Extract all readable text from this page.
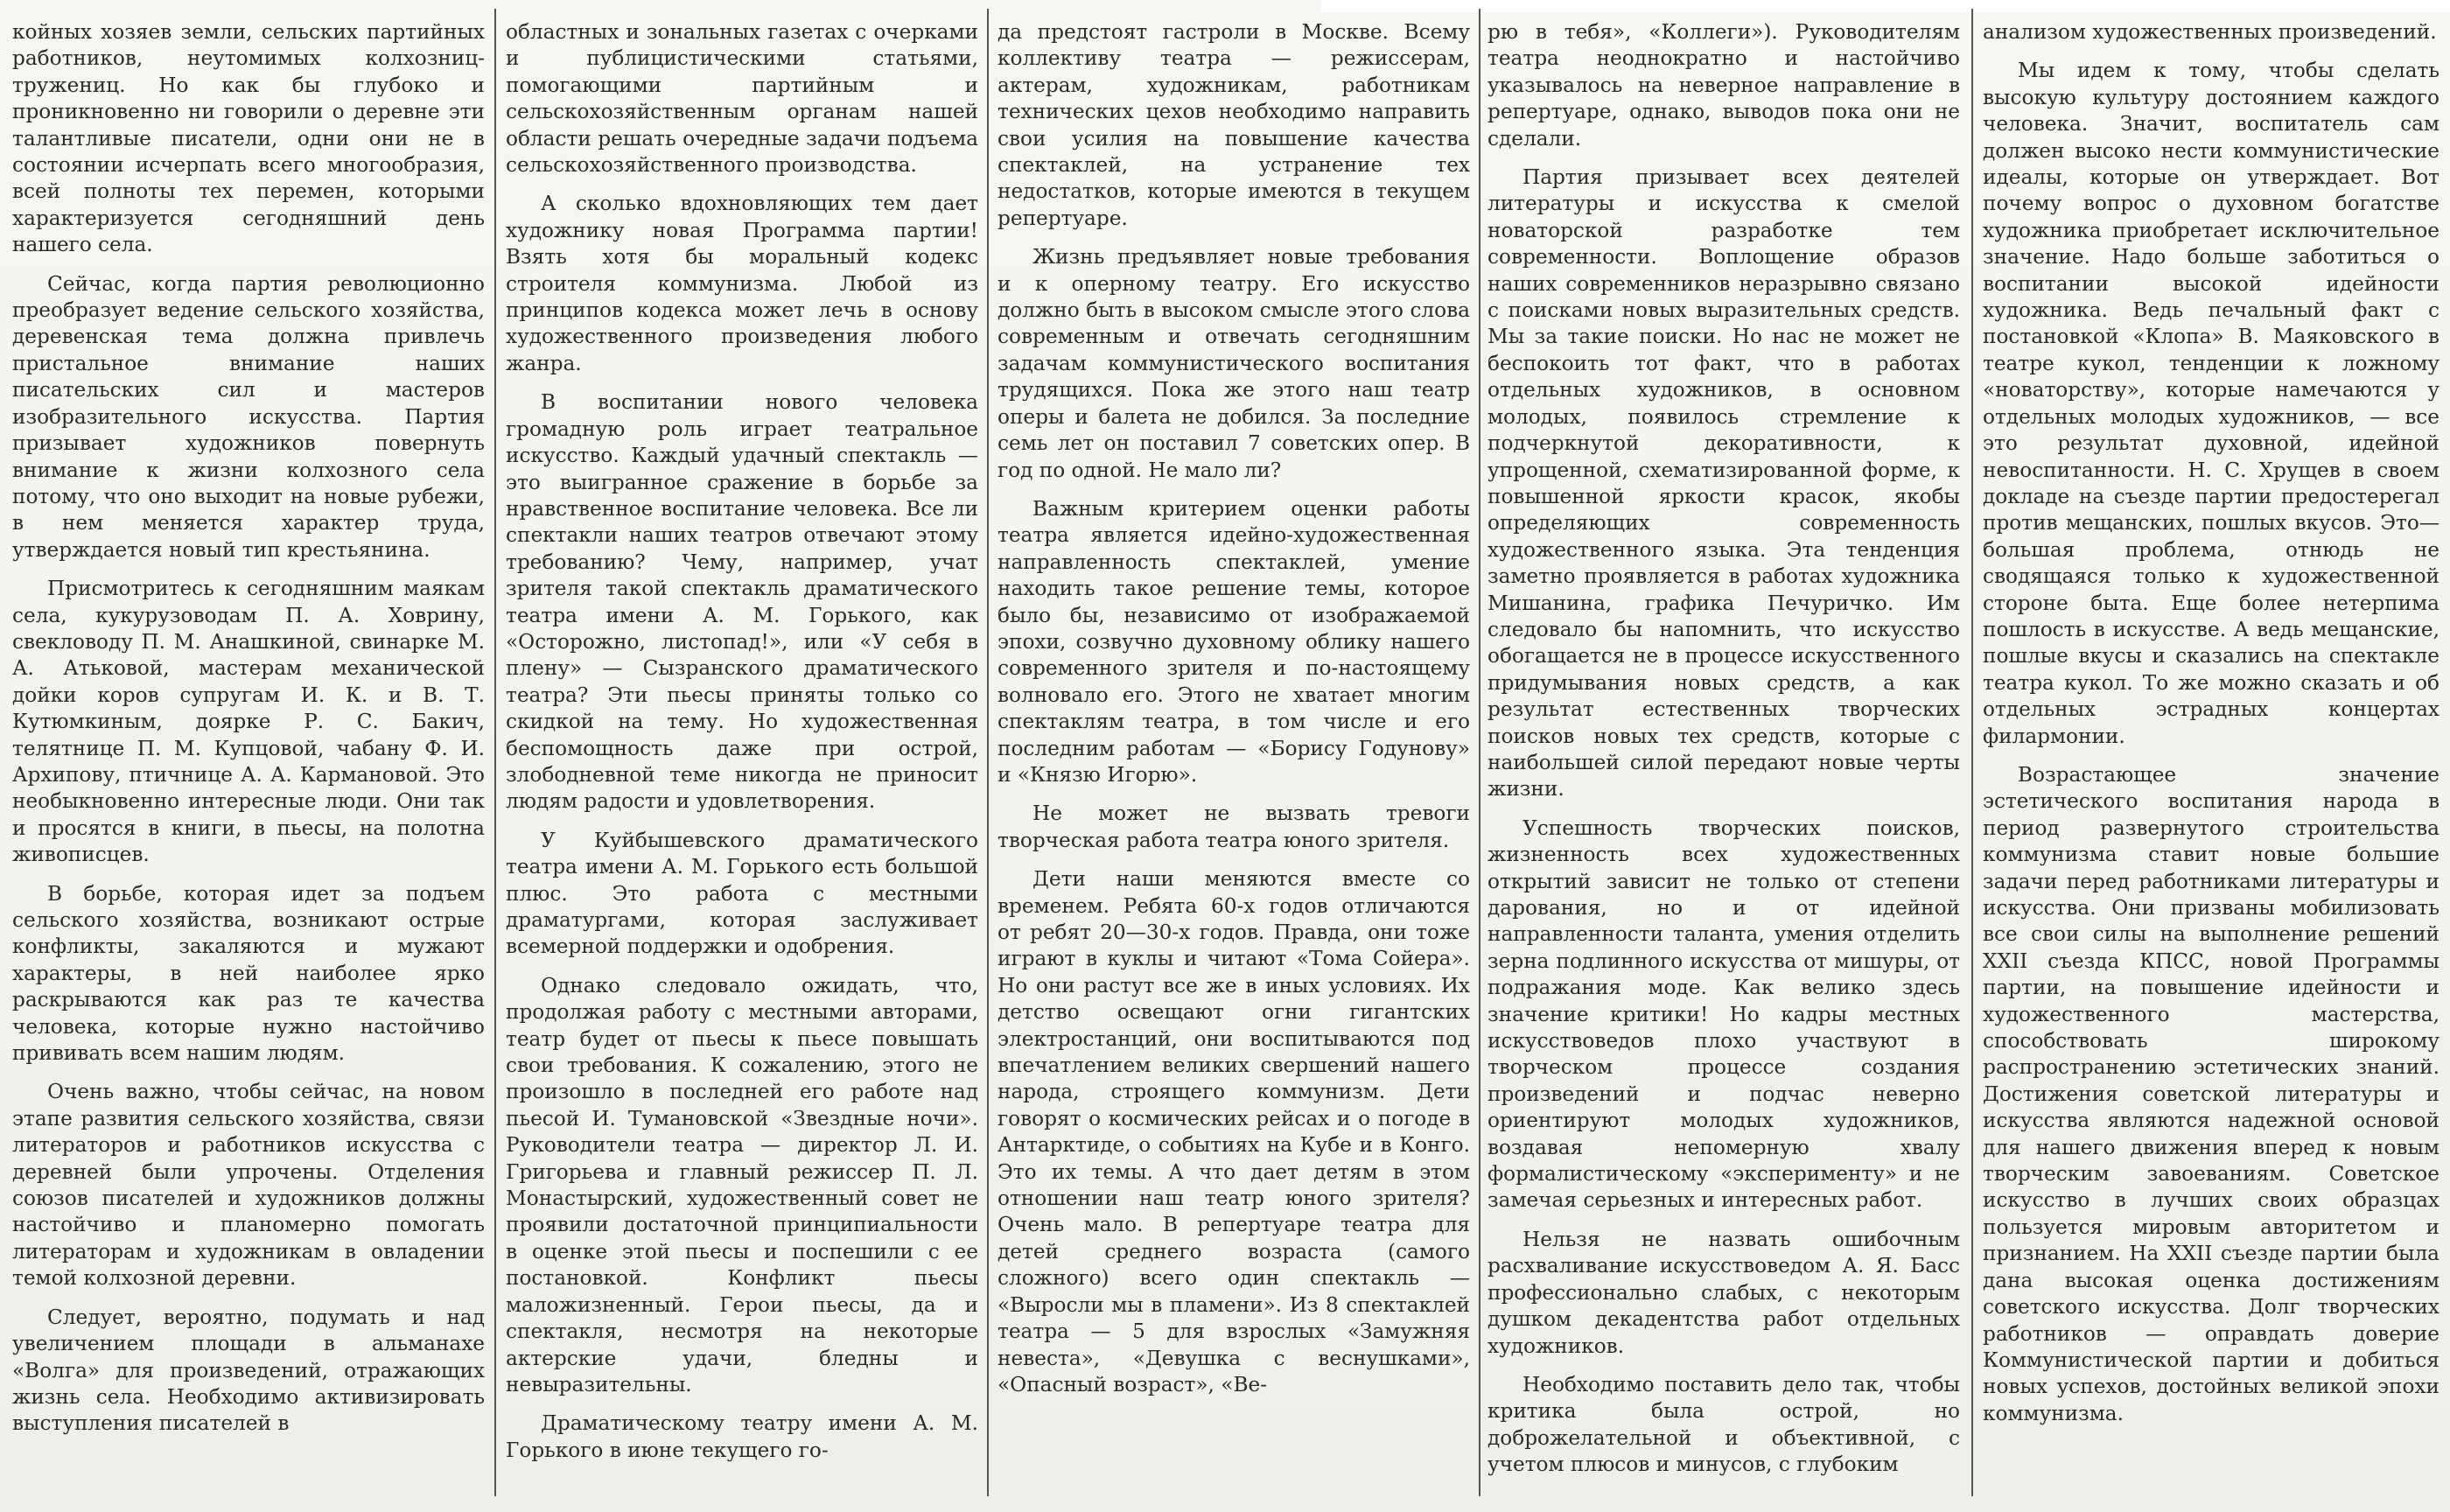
койных хозяев земли, сельских партийных работников, неутомимых колхозниц-тружениц. Но как бы глубоко и проникновенно ни говорили о деревне эти талантливые писатели, одни они не в состоянии исчерпать всего многообразия, всей полноты тех перемен, которыми характеризуется сегодняшний день нашего села.

Сейчас, когда партия революционно преобразует ведение сельского хозяйства, деревенская тема должна привлечь пристальное внимание наших писательских сил и мастеров изобразительного искусства. Партия призывает художников повернуть внимание к жизни колхозного села потому, что оно выходит на новые рубежи, в нем меняется характер труда, утверждается новый тип крестьянина.

Присмотритесь к сегодняшним маякам села, кукурузоводам П. А. Ховрину, свекловоду П. М. Анашкиной, свинарке М. А. Атьковой, мастерам механической дойки коров супругам И. К. и В. Т. Кутюмкиным, доярке Р. С. Бакич, телятнице П. М. Купцовой, чабану Ф. И. Архипову, птичнице А. А. Кармановой. Это необыкновенно интересные люди. Они так и просятся в книги, в пьесы, на полотна живописцев.

В борьбе, которая идет за подъем сельского хозяйства, возникают острые конфликты, закаляются и мужают характеры, в ней наиболее ярко раскрываются как раз те качества человека, которые нужно настойчиво прививать всем нашим людям.

Очень важно, чтобы сейчас, на новом этапе развития сельского хозяйства, связи литераторов и работников искусства с деревней были упрочены. Отделения союзов писателей и художников должны настойчиво и планомерно помогать литераторам и художникам в овладении темой колхозной деревни.

Следует, вероятно, подумать и над увеличением площади в альманахе «Волга» для произведений, отражающих жизнь села. Необходимо активизировать выступления писателей в

областных и зональных газетах с очерками и публицистическими статьями, помогающими партийным и сельскохозяйственным органам нашей области решать очередные задачи подъема сельскохозяйственного производства.

А сколько вдохновляющих тем дает художнику новая Программа партии! Взять хотя бы моральный кодекс строителя коммунизма. Любой из принципов кодекса может лечь в основу художественного произведения любого жанра.

В воспитании нового человека громадную роль играет театральное искусство. Каждый удачный спектакль — это выигранное сражение в борьбе за нравственное воспитание человека. Все ли спектакли наших театров отвечают этому требованию? Чему, например, учат зрителя такой спектакль драматического театра имени А. М. Горького, как «Осторожно, листопад!», или «У себя в плену» — Сызранского драматического театра? Эти пьесы приняты только со скидкой на тему. Но художественная беспомощность даже при острой, злободневной теме никогда не приносит людям радости и удовлетворения.

У Куйбышевского драматического театра имени А. М. Горького есть большой плюс. Это работа с местными драматургами, которая заслуживает всемерной поддержки и одобрения.

Однако следовало ожидать, что, продолжая работу с местными авторами, театр будет от пьесы к пьесе повышать свои требования. К сожалению, этого не произошло в последней его работе над пьесой И. Тумановской «Звездные ночи». Руководители театра — директор Л. И. Григорьева и главный режиссер П. Л. Монастырский, художественный совет не проявили достаточной принципиальности в оценке этой пьесы и поспешили с ее постановкой. Конфликт пьесы маложизненный. Герои пьесы, да и спектакля, несмотря на некоторые актерские удачи, бледны и невыразительны.

Драматическому театру имени А. М. Горького в июне текущего го-

да предстоят гастроли в Москве. Всему коллективу театра — режиссерам, актерам, художникам, работникам технических цехов необходимо направить свои усилия на повышение качества спектаклей, на устранение тех недостатков, которые имеются в текущем репертуаре.

Жизнь предъявляет новые требования и к оперному театру. Его искусство должно быть в высоком смысле этого слова современным и отвечать сегодняшним задачам коммунистического воспитания трудящихся. Пока же этого наш театр оперы и балета не добился. За последние семь лет он поставил 7 советских опер. В год по одной. Не мало ли?

Важным критерием оценки работы театра является идейно-художественная направленность спектаклей, умение находить такое решение темы, которое было бы, независимо от изображаемой эпохи, созвучно духовному облику нашего современного зрителя и по-настоящему волновало его. Этого не хватает многим спектаклям театра, в том числе и его последним работам — «Борису Годунову» и «Князю Игорю».

Не может не вызвать тревоги творческая работа театра юного зрителя.

Дети наши меняются вместе со временем. Ребята 60-х годов отличаются от ребят 20—30-х годов. Правда, они тоже играют в куклы и читают «Тома Сойера». Но они растут все же в иных условиях. Их детство освещают огни гигантских электростанций, они воспитываются под впечатлением великих свершений нашего народа, строящего коммунизм. Дети говорят о космических рейсах и о погоде в Антарктиде, о событиях на Кубе и в Конго. Это их темы. А что дает детям в этом отношении наш театр юного зрителя? Очень мало. В репертуаре театра для детей среднего возраста (самого сложного) всего один спектакль — «Выросли мы в пламени». Из 8 спектаклей театра — 5 для взрослых «Замужняя невеста», «Девушка с веснушками», «Опасный возраст», «Ве-

рю в тебя», «Коллеги»). Руководителям театра неоднократно и настойчиво указывалось на неверное направление в репертуаре, однако, выводов пока они не сделали.

Партия призывает всех деятелей литературы и искусства к смелой новаторской разработке тем современности. Воплощение образов наших современников неразрывно связано с поисками новых выразительных средств. Мы за такие поиски. Но нас не может не беспокоить тот факт, что в работах отдельных художников, в основном молодых, появилось стремление к подчеркнутой декоративности, к упрощенной, схематизированной форме, к повышенной яркости красок, якобы определяющих современность художественного языка. Эта тенденция заметно проявляется в работах художника Мишанина, графика Печуричко. Им следовало бы напомнить, что искусство обогащается не в процессе искусственного придумывания новых средств, а как результат естественных творческих поисков новых тех средств, которые с наибольшей силой передают новые черты жизни.

Успешность творческих поисков, жизненность всех художественных открытий зависит не только от степени дарования, но и от идейной направленности таланта, умения отделить зерна подлинного искусства от мишуры, от подражания моде. Как велико здесь значение критики! Но кадры местных искусствоведов плохо участвуют в творческом процессе создания произведений и подчас неверно ориентируют молодых художников, воздавая непомерную хвалу формалистическому «эксперименту» и не замечая серьезных и интересных работ.

Нельзя не назвать ошибочным расхваливание искусствоведом А. Я. Басс профессионально слабых, с некоторым душком декадентства работ отдельных художников.

Необходимо поставить дело так, чтобы критика была острой, но доброжелательной и объективной, с учетом плюсов и минусов, с глубоким

анализом художественных произведений.

Мы идем к тому, чтобы сделать высокую культуру достоянием каждого человека. Значит, воспитатель сам должен высоко нести коммунистические идеалы, которые он утверждает. Вот почему вопрос о духовном богатстве художника приобретает исключительное значение. Надо больше заботиться о воспитании высокой идейности художника. Ведь печальный факт с постановкой «Клопа» В. Маяковского в театре кукол, тенденции к ложному «новаторству», которые намечаются у отдельных молодых художников, — все это результат духовной, идейной невоспитанности. Н. С. Хрущев в своем докладе на съезде партии предостерегал против мещанских, пошлых вкусов. Это—большая проблема, отнюдь не сводящаяся только к художественной стороне быта. Еще более нетерпима пошлость в искусстве. А ведь мещанские, пошлые вкусы и сказались на спектакле театра кукол. То же можно сказать и об отдельных эстрадных концертах филармонии.

Возрастающее значение эстетического воспитания народа в период развернутого строительства коммунизма ставит новые большие задачи перед работниками литературы и искусства. Они призваны мобилизовать все свои силы на выполнение решений XXII съезда КПСС, новой Программы партии, на повышение идейности и художественного мастерства, способствовать широкому распространению эстетических знаний. Достижения советской литературы и искусства являются надежной основой для нашего движения вперед к новым творческим завоеваниям. Советское искусство в лучших своих образцах пользуется мировым авторитетом и признанием. На XXII съезде партии была дана высокая оценка достижениям советского искусства. Долг творческих работников — оправдать доверие Коммунистической партии и добиться новых успехов, достойных великой эпохи коммунизма.
